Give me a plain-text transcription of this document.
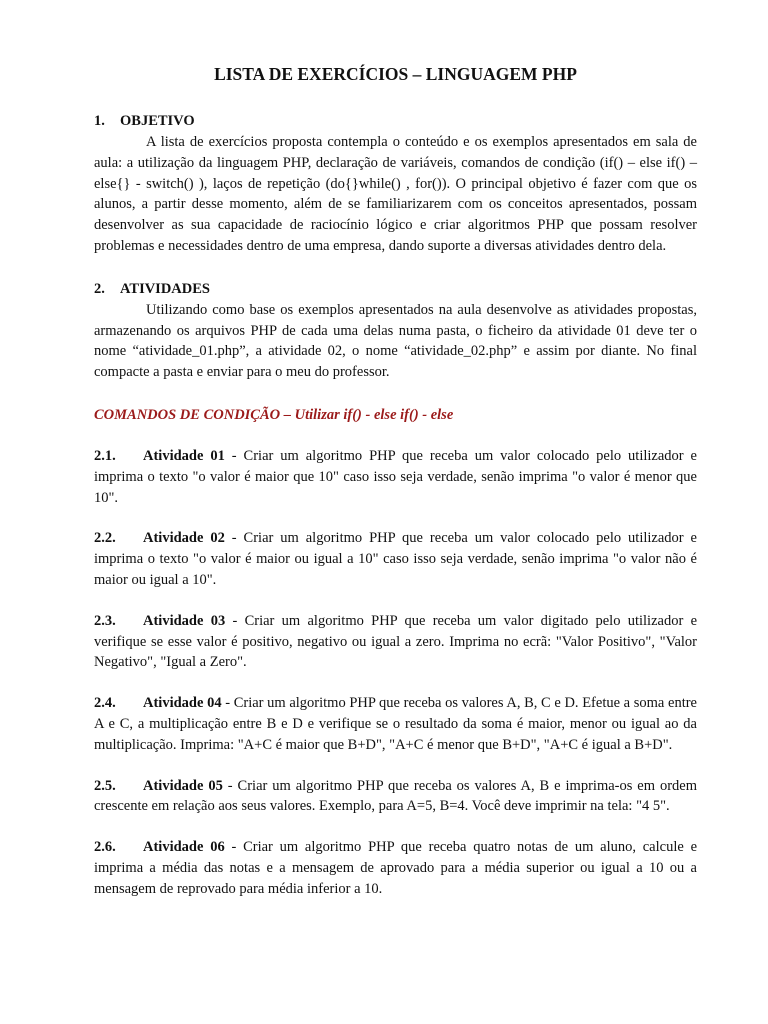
LISTA DE EXERCÍCIOS – LINGUAGEM PHP

1.	OBJETIVO

A lista de exercícios proposta contempla o conteúdo e os exemplos apresentados em sala de aula: a utilização da linguagem PHP, declaração de variáveis, comandos de condição (if() – else if() – else{} - switch() ), laços de repetição (do{}while() , for()). O principal objetivo é fazer com que os alunos, a partir desse momento, além de se familiarizarem com os conceitos apresentados, possam desenvolver as sua capacidade de raciocínio lógico e criar algoritmos PHP que possam resolver problemas e necessidades dentro de uma empresa, dando suporte a diversas atividades dentro dela.

2.	ATIVIDADES

Utilizando como base os exemplos apresentados na aula desenvolve as atividades propostas, armazenando os arquivos PHP de cada uma delas numa pasta, o ficheiro da atividade 01 deve ter o nome “atividade_01.php”, a atividade 02, o nome “atividade_02.php” e assim por diante. No final compacte a pasta e enviar para o meu do professor.

COMANDOS DE CONDIÇÃO – Utilizar if() - else if() - else

2.1. Atividade 01 - Criar um algoritmo PHP que receba um valor colocado pelo utilizador e imprima o texto "o valor é maior que 10" caso isso seja verdade, senão imprima "o valor é menor que 10".

2.2. Atividade 02 - Criar um algoritmo PHP que receba um valor colocado pelo utilizador e imprima o texto "o valor é maior ou igual a 10" caso isso seja verdade, senão imprima "o valor não é maior ou igual a 10".

2.3. Atividade 03 - Criar um algoritmo PHP que receba um valor digitado pelo utilizador e verifique se esse valor é positivo, negativo ou igual a zero. Imprima no ecrã: "Valor Positivo", "Valor Negativo", "Igual a Zero".

2.4. Atividade 04 - Criar um algoritmo PHP que receba os valores A, B, C e D. Efetue a soma entre A e C, a multiplicação entre B e D e verifique se o resultado da soma é maior, menor ou igual ao da multiplicação. Imprima: "A+C é maior que B+D", "A+C é menor que B+D", "A+C é igual a B+D".

2.5. Atividade 05 - Criar um algoritmo PHP que receba os valores A, B e imprima-os em ordem crescente em relação aos seus valores. Exemplo, para A=5, B=4. Você deve imprimir na tela: "4 5".

2.6. Atividade 06 - Criar um algoritmo PHP que receba quatro notas de um aluno, calcule e imprima a média das notas e a mensagem de aprovado para a média superior ou igual a 10 ou a mensagem de reprovado para média inferior a 10.
